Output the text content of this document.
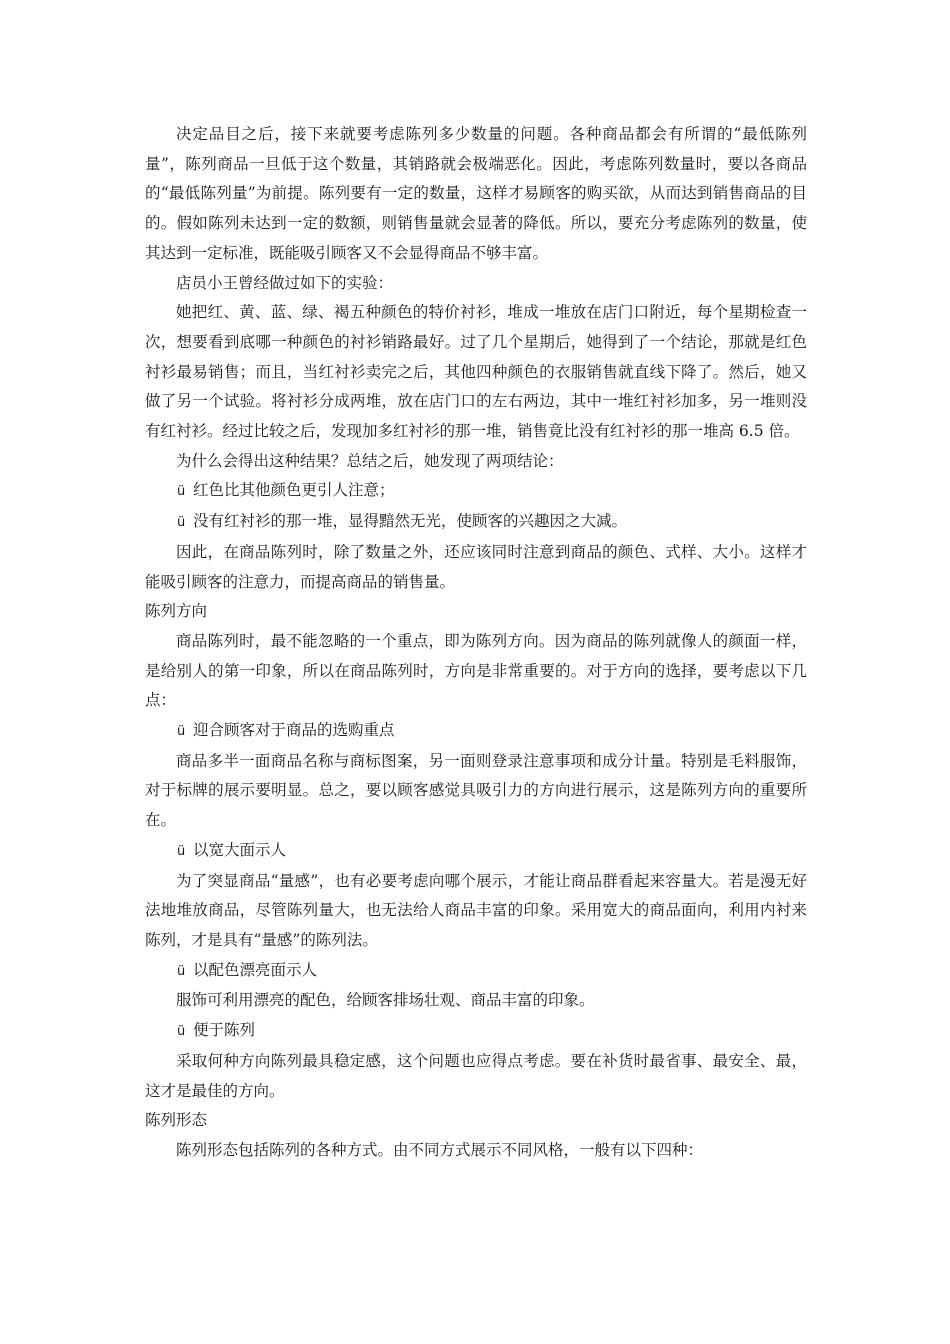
决定品目之后，接下来就要考虑陈列多少数量的问题。各种商品都会有所谓的“最低陈列量”，陈列商品一旦低于这个数量，其销路就会极端恶化。因此，考虑陈列数量时，要以各商品的“最低陈列量”为前提。陈列要有一定的数量，这样才易顾客的购买欲，从而达到销售商品的目的。假如陈列未达到一定的数额，则销售量就会显著的降低。所以，要充分考虑陈列的数量，使其达到一定标准，既能吸引顾客又不会显得商品不够丰富。

店员小王曾经做过如下的实验：

她把红、黄、蓝、绿、褐五种颜色的特价衬衫，堆成一堆放在店门口附近，每个星期检查一次，想要看到底哪一种颜色的衬衫销路最好。过了几个星期后，她得到了一个结论，那就是红色衬衫最易销售；而且，当红衬衫卖完之后，其他四种颜色的衣服销售就直线下降了。然后，她又做了另一个试验。将衬衫分成两堆，放在店门口的左右两边，其中一堆红衬衫加多，另一堆则没有红衬衫。经过比较之后，发现加多红衬衫的那一堆，销售竟比没有红衬衫的那一堆高 6.5 倍。

为什么会得出这种结果？总结之后，她发现了两项结论：

ü 红色比其他颜色更引人注意；

ü 没有红衬衫的那一堆，显得黯然无光，使顾客的兴趣因之大减。

因此，在商品陈列时，除了数量之外，还应该同时注意到商品的颜色、式样、大小。这样才能吸引顾客的注意力，而提高商品的销售量。

陈列方向

商品陈列时，最不能忽略的一个重点，即为陈列方向。因为商品的陈列就像人的颜面一样，是给别人的第一印象，所以在商品陈列时，方向是非常重要的。对于方向的选择，要考虑以下几点：

ü 迎合顾客对于商品的选购重点

商品多半一面商品名称与商标图案，另一面则登录注意事项和成分计量。特别是毛料服饰，对于标牌的展示要明显。总之，要以顾客感觉具吸引力的方向进行展示，这是陈列方向的重要所在。

ü 以宽大面示人

为了突显商品“量感”，也有必要考虑向哪个展示，才能让商品群看起来容量大。若是漫无好法地堆放商品，尽管陈列量大，也无法给人商品丰富的印象。采用宽大的商品面向，利用内衬来陈列，才是具有“量感”的陈列法。

ü 以配色漂亮面示人

服饰可利用漂亮的配色，给顾客排场壮观、商品丰富的印象。

ü 便于陈列

采取何种方向陈列最具稳定感，这个问题也应得点考虑。要在补货时最省事、最安全、最，这才是最佳的方向。

陈列形态

陈列形态包括陈列的各种方式。由不同方式展示不同风格，一般有以下四种：
